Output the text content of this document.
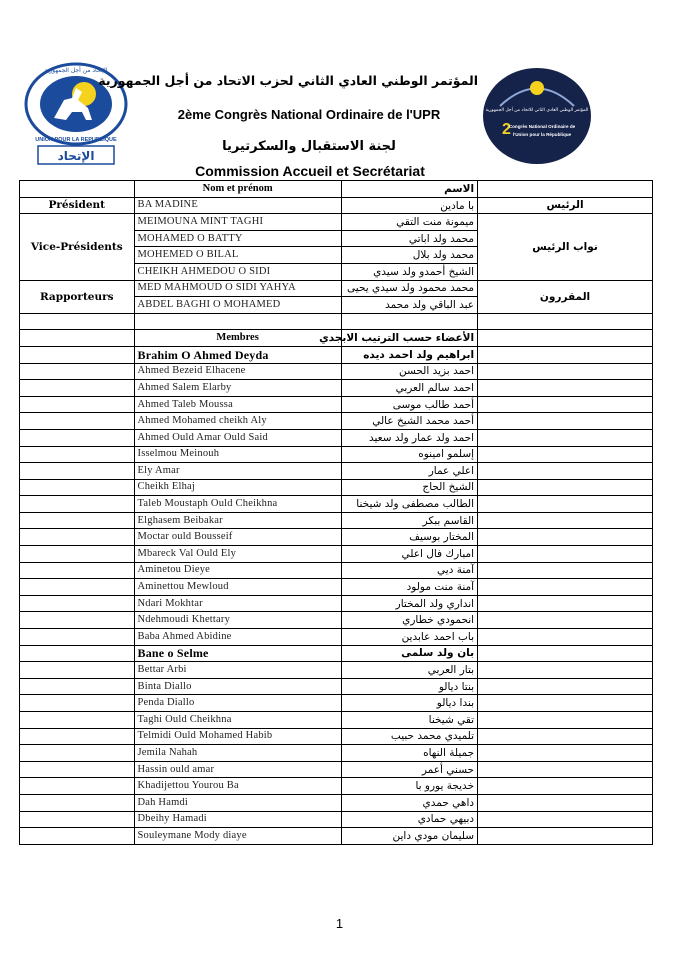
الإتحاد من أجل الجمهورية
UNION POUR LA REPUBLIQUE
الإتحاد
المؤتمر الوطني العادي الثاني للاتحاد من أجل الجمهورية
2
Congrès National Ordinaire de
l'Union pour la République
المؤتمر الوطني العادي الثاني لحزب الاتحاد من أجل الجمهورية
2ème Congrès National Ordinaire de l'UPR
لجنة الاستقبال والسكرتيريا
Commission Accueil et Secrétariat
	Nom et prénom	الاسم	
Président	BA MADINE	با مادين	الرئيس
Vice-Présidents	MEIMOUNA MINT TAGHI	ميمونة منت التقي	نواب الرئيس
	MOHAMED O BATTY	محمد ولد اباتي	
	MOHEMED O BILAL	محمد ولد بلال	
	CHEIKH AHMEDOU O SIDI	الشيخ أحمدو ولد سيدي	
Rapporteurs	MED MAHMOUD O SIDI YAHYA	محمد محمود ولد سيدي يحيى	المقررون
	ABDEL BAGHI O MOHAMED	عبد الباقي ولد محمد	

	Membres	الأعضاء حسب الترتيب الابجدي	
	Brahim O Ahmed Deyda	ابراهيم ولد احمد ديده	
	Ahmed Bezeid Elhacene	احمد بزيد الحسن	
	Ahmed Salem Elarby	احمد سالم العربي	
	Ahmed Taleb Moussa	أحمد طالب موسى	
	Ahmed Mohamed cheikh Aly	أحمد محمد الشيخ عالي	
	Ahmed Ould Amar Ould Said	احمد ولد عمار ولد سعيد	
	Isselmou Meinouh	إسلمو امينوه	
	Ely Amar	اعلي عمار	
	Cheikh Elhaj	الشيخ الحاج	
	Taleb Moustaph Ould Cheikhna	الطالب مصطفى ولد شيخنا	
	Elghasem Beibakar	القاسم ببكر	
	Moctar ould Bousseif	المختار بوسيف	
	Mbareck Val Ould Ely	امبارك فال اعلي	
	Aminetou Dieye	آمنة ديي	
	Aminettou Mewloud	آمنة منت مولود	
	Ndari Mokhtar	انداري ولد المختار	
	Ndehmoudi Khettary	انحمودي خطاري	
	Baba Ahmed Abidine	باب احمد عابدين	
	Bane o Selme	بان ولد سلمى	
	Bettar Arbi	بتار العربي	
	Binta Diallo	بنتا ديالو	
	Penda Diallo	بندا ديالو	
	Taghi Ould Cheikhna	تقي شيخنا	
	Telmidi Ould Mohamed Habib	تلميدي محمد حبيب	
	Jemila Nahah	جميلة النهاه	
	Hassin ould amar	حسني أعمر	
	Khadijettou Yourou Ba	خديجة يورو با	
	Dah Hamdi	داهي حمدي	
	Dbeihy Hamadi	دبيهي حمادي	
	Souleymane Mody diaye	سليمان مودي داين	
1
